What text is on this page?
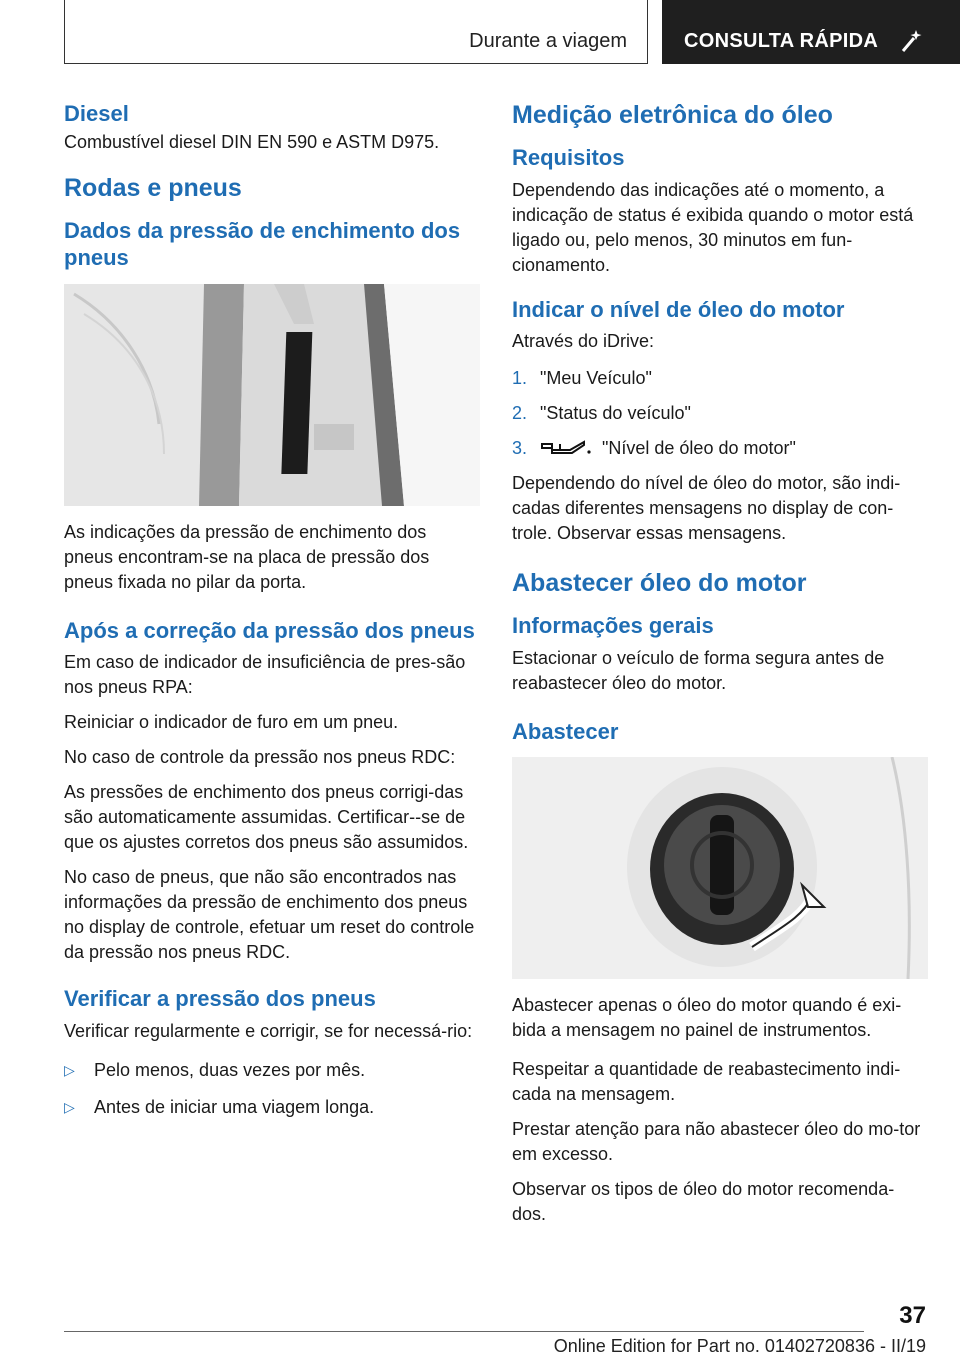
Durante a viagem	CONSULTA RÁPIDA
Diesel
Combustível diesel DIN EN 590 e ASTM D975.
Rodas e pneus
Dados da pressão de enchimento dos pneus
As indicações da pressão de enchimento dos pneus encontram-se na placa de pressão dos pneus fixada no pilar da porta.
Após a correção da pressão dos pneus
Em caso de indicador de insuficiência de pres-são nos pneus RPA:
Reiniciar o indicador de furo em um pneu.
No caso de controle da pressão nos pneus RDC:
As pressões de enchimento dos pneus corrigi-das são automaticamente assumidas. Certificar--se de que os ajustes corretos dos pneus são assumidos.
No caso de pneus, que não são encontrados nas informações da pressão de enchimento dos pneus no display de controle, efetuar um reset do controle da pressão nos pneus RDC.
Verificar a pressão dos pneus
Verificar regularmente e corrigir, se for necessá-rio:
▷	Pelo menos, duas vezes por mês.
▷	Antes de iniciar uma viagem longa.
Medição eletrônica do óleo
Requisitos
Dependendo das indicações até o momento, a indicação de status é exibida quando o motor está ligado ou, pelo menos, 30 minutos em fun-cionamento.
Indicar o nível de óleo do motor
Através do iDrive:
1. "Meu Veículo"
2. "Status do veículo"
3.	"Nível de óleo do motor"
Dependendo do nível de óleo do motor, são indi-cadas diferentes mensagens no display de con-trole. Observar essas mensagens.
Abastecer óleo do motor
Informações gerais
Estacionar o veículo de forma segura antes de reabastecer óleo do motor.
Abastecer
Abastecer apenas o óleo do motor quando é exi-bida a mensagem no painel de instrumentos.
Respeitar a quantidade de reabastecimento indi-cada na mensagem.
Prestar atenção para não abastecer óleo do mo-tor em excesso.
Observar os tipos de óleo do motor recomenda-dos.
37
Online Edition for Part no. 01402720836 - II/19
